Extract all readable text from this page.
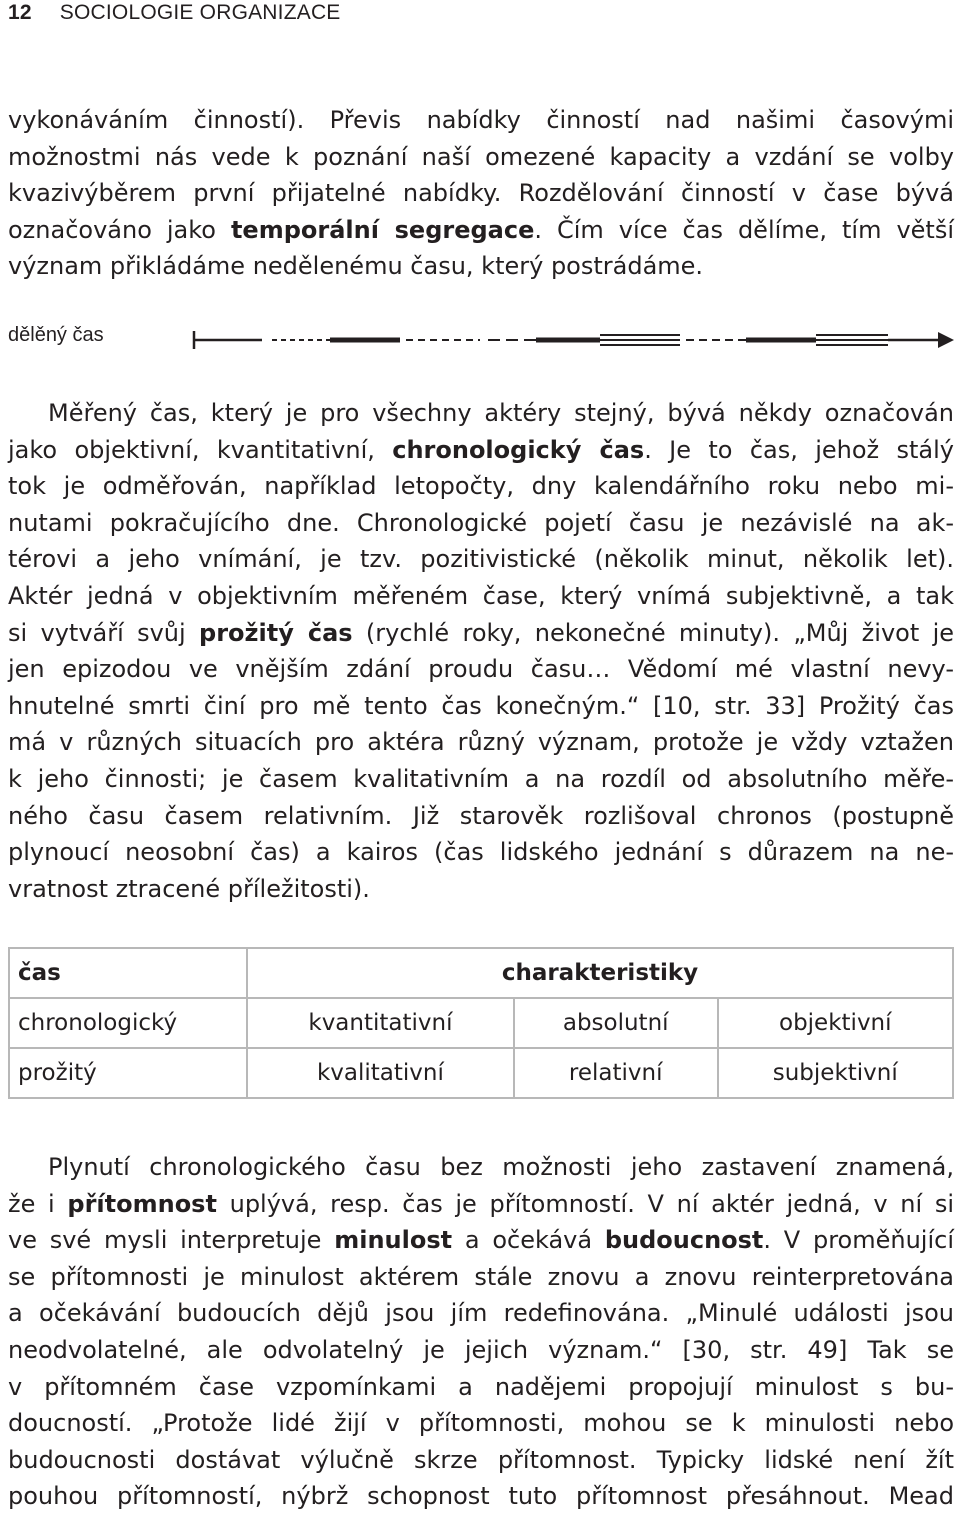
12 SOCIOLOGIE ORGANIZACE
vykonáváním činností). Převis nabídky činností nad našimi časovými
možnostmi nás vede k poznání naší omezené kapacity a vzdání se volby
kvazivýběrem první přijatelné nabídky. Rozdělování činností v čase bývá
označováno jako temporální segregace. Čím více čas dělíme, tím větší
význam přikládáme nedělenému času, který postrádáme.
dělěný čas
Měřený čas, který je pro všechny aktéry stejný, bývá někdy označován
jako objektivní, kvantitativní, chronologický čas. Je to čas, jehož stálý
tok je odměřován, například letopočty, dny kalendářního roku nebo mi-
nutami pokračujícího dne. Chronologické pojetí času je nezávislé na ak-
térovi a jeho vnímání, je tzv. pozitivistické (několik minut, několik let).
Aktér jedná v objektivním měřeném čase, který vnímá subjektivně, a tak
si vytváří svůj prožitý čas (rychlé roky, nekonečné minuty). „Můj život je
jen epizodou ve vnějším zdání proudu času… Vědomí mé vlastní nevy-
hnutelné smrti činí pro mě tento čas konečným.“ [10, str. 33] Prožitý čas
má v různých situacích pro aktéra různý význam, protože je vždy vztažen
k jeho činnosti; je časem kvalitativním a na rozdíl od absolutního měře-
ného času časem relativním. Již starověk rozlišoval chronos (postupně
plynoucí neosobní čas) a kairos (čas lidského jednání s důrazem na ne-
vratnost ztracené příležitosti).
čas	charakteristiky		
chronologický	kvantitativní	absolutní	objektivní
prožitý	kvalitativní	relativní	subjektivní
Plynutí chronologického času bez možnosti jeho zastavení znamená,
že i přítomnost uplývá, resp. čas je přítomností. V ní aktér jedná, v ní si
ve své mysli interpretuje minulost a očekává budoucnost. V proměňující
se přítomnosti je minulost aktérem stále znovu a znovu reinterpretována
a očekávání budoucích dějů jsou jím redefinována. „Minulé události jsou
neodvolatelné, ale odvolatelný je jejich význam.“ [30, str. 49] Tak se
v přítomném čase vzpomínkami a nadějemi propojují minulost s bu-
doucností. „Protože lidé žijí v přítomnosti, mohou se k minulosti nebo
budoucnosti dostávat výlučně skrze přítomnost. Typicky lidské není žít
pouhou přítomností, nýbrž schopnost tuto přítomnost přesáhnout. Mead
